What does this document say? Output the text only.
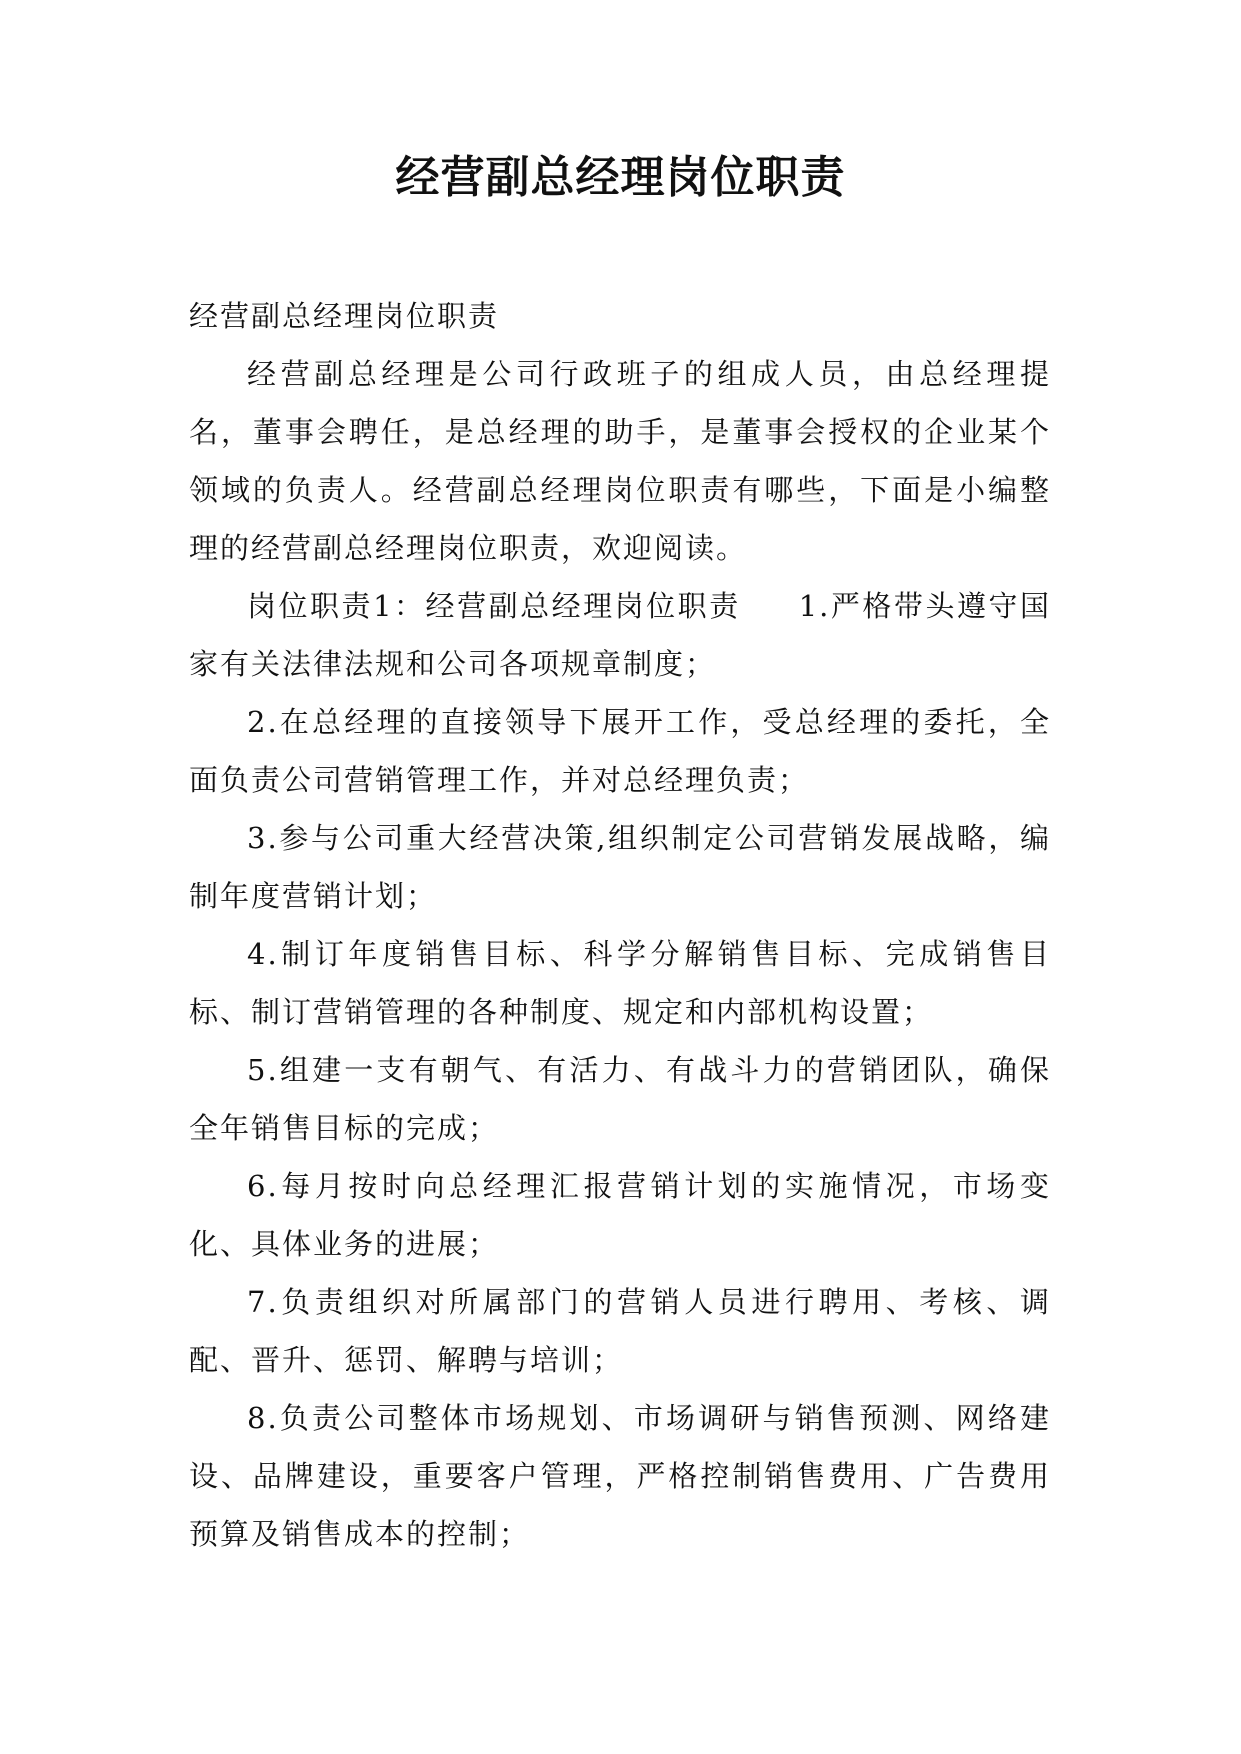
经营副总经理岗位职责

经营副总经理岗位职责

经营副总经理是公司行政班子的组成人员，由总经理提名，董事会聘任，是总经理的助手，是董事会授权的企业某个领域的负责人。经营副总经理岗位职责有哪些，下面是小编整理的经营副总经理岗位职责，欢迎阅读。

岗位职责1：经营副总经理岗位职责 1.严格带头遵守国家有关法律法规和公司各项规章制度；

2.在总经理的直接领导下展开工作，受总经理的委托，全面负责公司营销管理工作，并对总经理负责；

3.参与公司重大经营决策,组织制定公司营销发展战略，编制年度营销计划；

4.制订年度销售目标、科学分解销售目标、完成销售目标、制订营销管理的各种制度、规定和内部机构设置；

5.组建一支有朝气、有活力、有战斗力的营销团队，确保全年销售目标的完成；

6.每月按时向总经理汇报营销计划的实施情况，市场变化、具体业务的进展；

7.负责组织对所属部门的营销人员进行聘用、考核、调配、晋升、惩罚、解聘与培训；

8.负责公司整体市场规划、市场调研与销售预测、网络建设、品牌建设，重要客户管理，严格控制销售费用、广告费用预算及销售成本的控制；
